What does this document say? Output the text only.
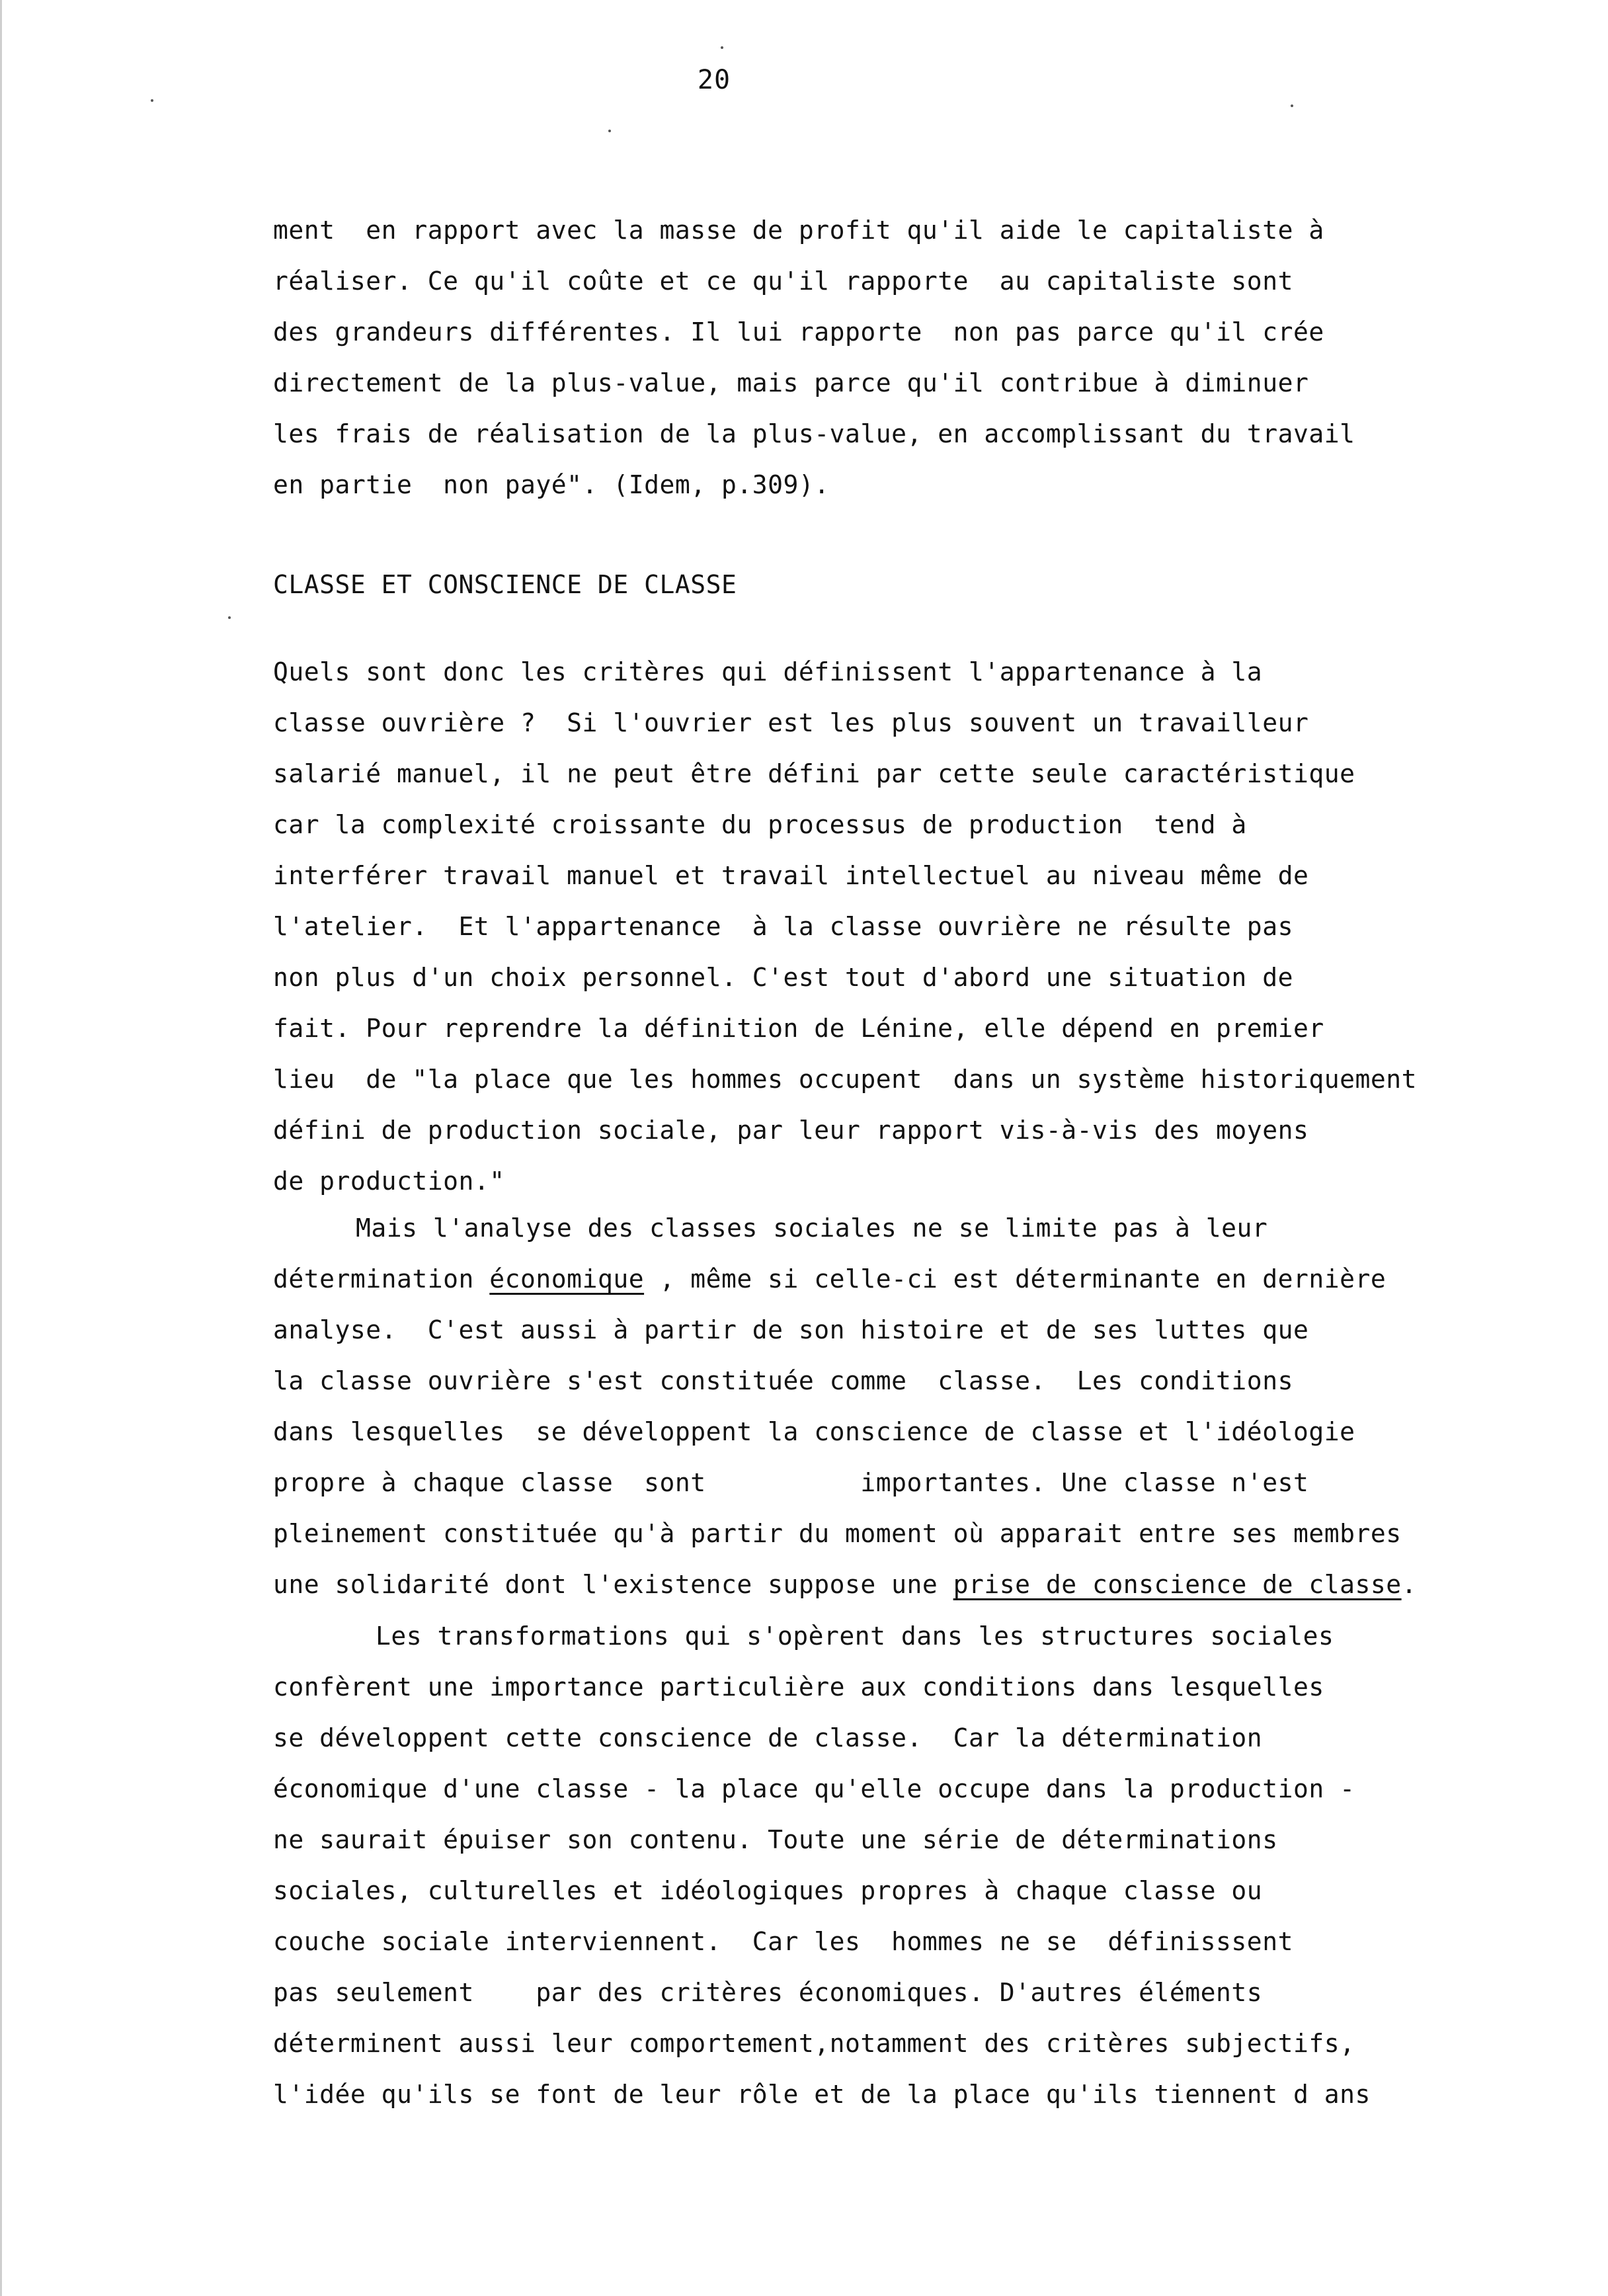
20
ment  en rapport avec la masse de profit qu'il aide le capitaliste à
réaliser. Ce qu'il coûte et ce qu'il rapporte  au capitaliste sont
des grandeurs différentes. Il lui rapporte  non pas parce qu'il crée
directement de la plus-value, mais parce qu'il contribue à diminuer
les frais de réalisation de la plus-value, en accomplissant du travail
en partie  non payé". (Idem, p.309).
CLASSE ET CONSCIENCE DE CLASSE
Quels sont donc les critères qui définissent l'appartenance à la
classe ouvrière ?  Si l'ouvrier est les plus souvent un travailleur
salarié manuel, il ne peut être défini par cette seule caractéristique
car la complexité croissante du processus de production  tend à
interférer travail manuel et travail intellectuel au niveau même de
l'atelier.  Et l'appartenance  à la classe ouvrière ne résulte pas
non plus d'un choix personnel. C'est tout d'abord une situation de
fait. Pour reprendre la définition de Lénine, elle dépend en premier
lieu  de "la place que les hommes occupent  dans un système historiquement
défini de production sociale, par leur rapport vis-à-vis des moyens
de production."
Mais l'analyse des classes sociales ne se limite pas à leur
détermination économique , même si celle-ci est déterminante en dernière
analyse.  C'est aussi à partir de son histoire et de ses luttes que
la classe ouvrière s'est constituée comme  classe.  Les conditions
dans lesquelles  se développent la conscience de classe et l'idéologie
propre à chaque classe  sont          importantes. Une classe n'est
pleinement constituée qu'à partir du moment où apparait entre ses membres
une solidarité dont l'existence suppose une prise de conscience de classe.
Les transformations qui s'opèrent dans les structures sociales
confèrent une importance particulière aux conditions dans lesquelles
se développent cette conscience de classe.  Car la détermination
économique d'une classe - la place qu'elle occupe dans la production -
ne saurait épuiser son contenu. Toute une série de déterminations
sociales, culturelles et idéologiques propres à chaque classe ou
couche sociale interviennent.  Car les  hommes ne se  définisssent
pas seulement    par des critères économiques. D'autres éléments
déterminent aussi leur comportement,notamment des critères subjectifs,
l'idée qu'ils se font de leur rôle et de la place qu'ils tiennent d ans
